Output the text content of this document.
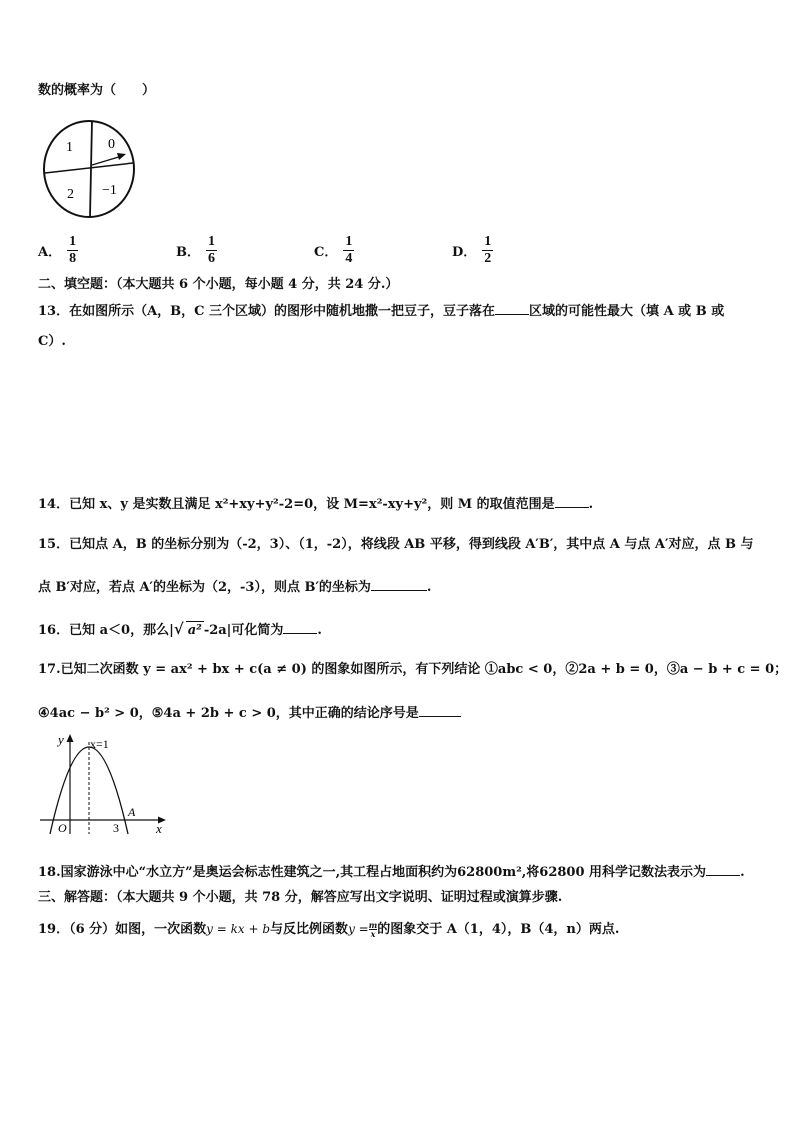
数的概率为（　　）
1	0
2 −1
A． $\frac{1}{8}$	B． $\frac{1}{6}$	C． $\frac{1}{4}$	D． $\frac{1}{2}$
二、填空题：（本大题共 6 个小题，每小题 4 分，共 24 分.）
13．在如图所示（A，B，C 三个区域）的图形中随机地撒一把豆子，豆子落在	区域的可能性最大（填 A 或 B 或
C）.
14．已知 x、y 是实数且满足 x²+xy+y²-2=0，设 M=x²-xy+y²，则 M 的取值范围是	.
15．已知点 A，B 的坐标分别为（-2，3）、（1，-2），将线段 AB 平移，得到线段 A′B′，其中点 A 与点 A′对应，点 B 与
点 B′对应，若点 A′的坐标为（2，-3），则点 B′的坐标为	.
16．已知 a＜0，那么|√ a² -2a|可化简为	.
17.已知二次函数 y = ax² + bx + c(a ≠ 0) 的图象如图所示，有下列结论 ①abc < 0，②2a + b = 0，③a − b + c = 0；
④4ac − b² > 0，⑤4a + 2b + c > 0，其中正确的结论序号是
y x=1
O
A
3	x
18.国家游泳中心“水立方”是奥运会标志性建筑之一,其工程占地面积约为62800m²,将62800 用科学记数法表示为	.
三、解答题：（本大题共 9 个小题，共 78 分，解答应写出文字说明、证明过程或演算步骤.
19．（6 分）如图，一次函数y = kx + b与反比例函数$y = \frac{m}{x}$ 的图象交于 A（1，4），B（4，n）两点.
